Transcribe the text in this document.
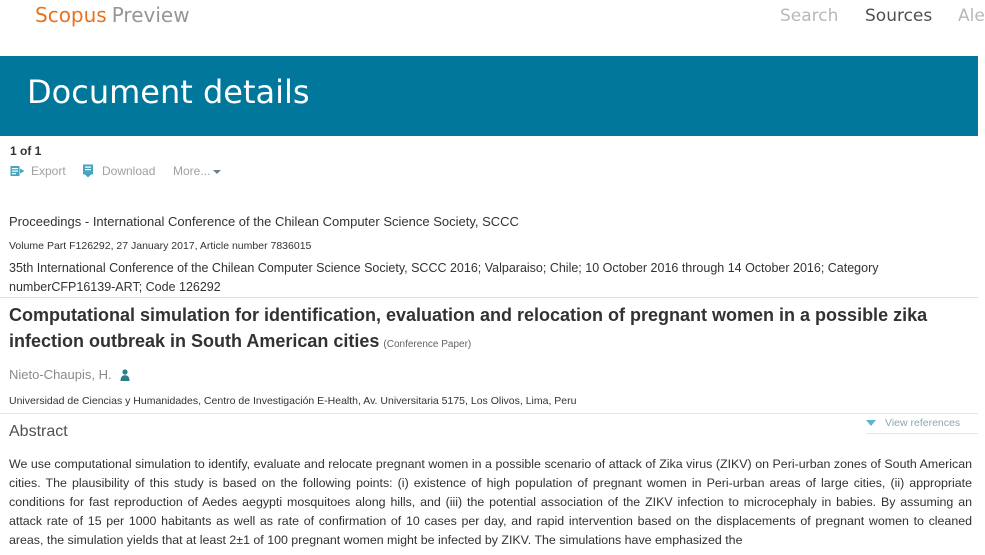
Scopus Preview	Search Sources Ale
Document details
1 of 1
Export	Download More...
Proceedings - International Conference of the Chilean Computer Science Society, SCCC
Volume Part F126292, 27 January 2017, Article number 7836015
35th International Conference of the Chilean Computer Science Society, SCCC 2016; Valparaiso; Chile; 10 October 2016 through 14 October 2016; Category numberCFP16139-ART; Code 126292
Computational simulation for identification, evaluation and relocation of pregnant women in a possible zika infection outbreak in South American cities (Conference Paper)
Nieto-Chaupis, H.
Universidad de Ciencias y Humanidades, Centro de Investigación E-Health, Av. Universitaria 5175, Los Olivos, Lima, Peru
Abstract	View references

We use computational simulation to identify, evaluate and relocate pregnant women in a possible scenario of attack of Zika virus (ZIKV) on Peri-urban zones of South American cities. The plausibility of this study is based on the following points: (i) existence of high population of pregnant women in Peri-urban areas of large cities, (ii) appropriate conditions for fast reproduction of Aedes aegypti mosquitoes along hills, and (iii) the potential association of the ZIKV infection to microcephaly in babies. By assuming an attack rate of 15 per 1000 habitants as well as rate of confirmation of 10 cases per day, and rapid intervention based on the displacements of pregnant women to cleaned areas, the simulation yields that at least 2±1 of 100 pregnant women might be infected by ZIKV. The simulations have emphasized the
